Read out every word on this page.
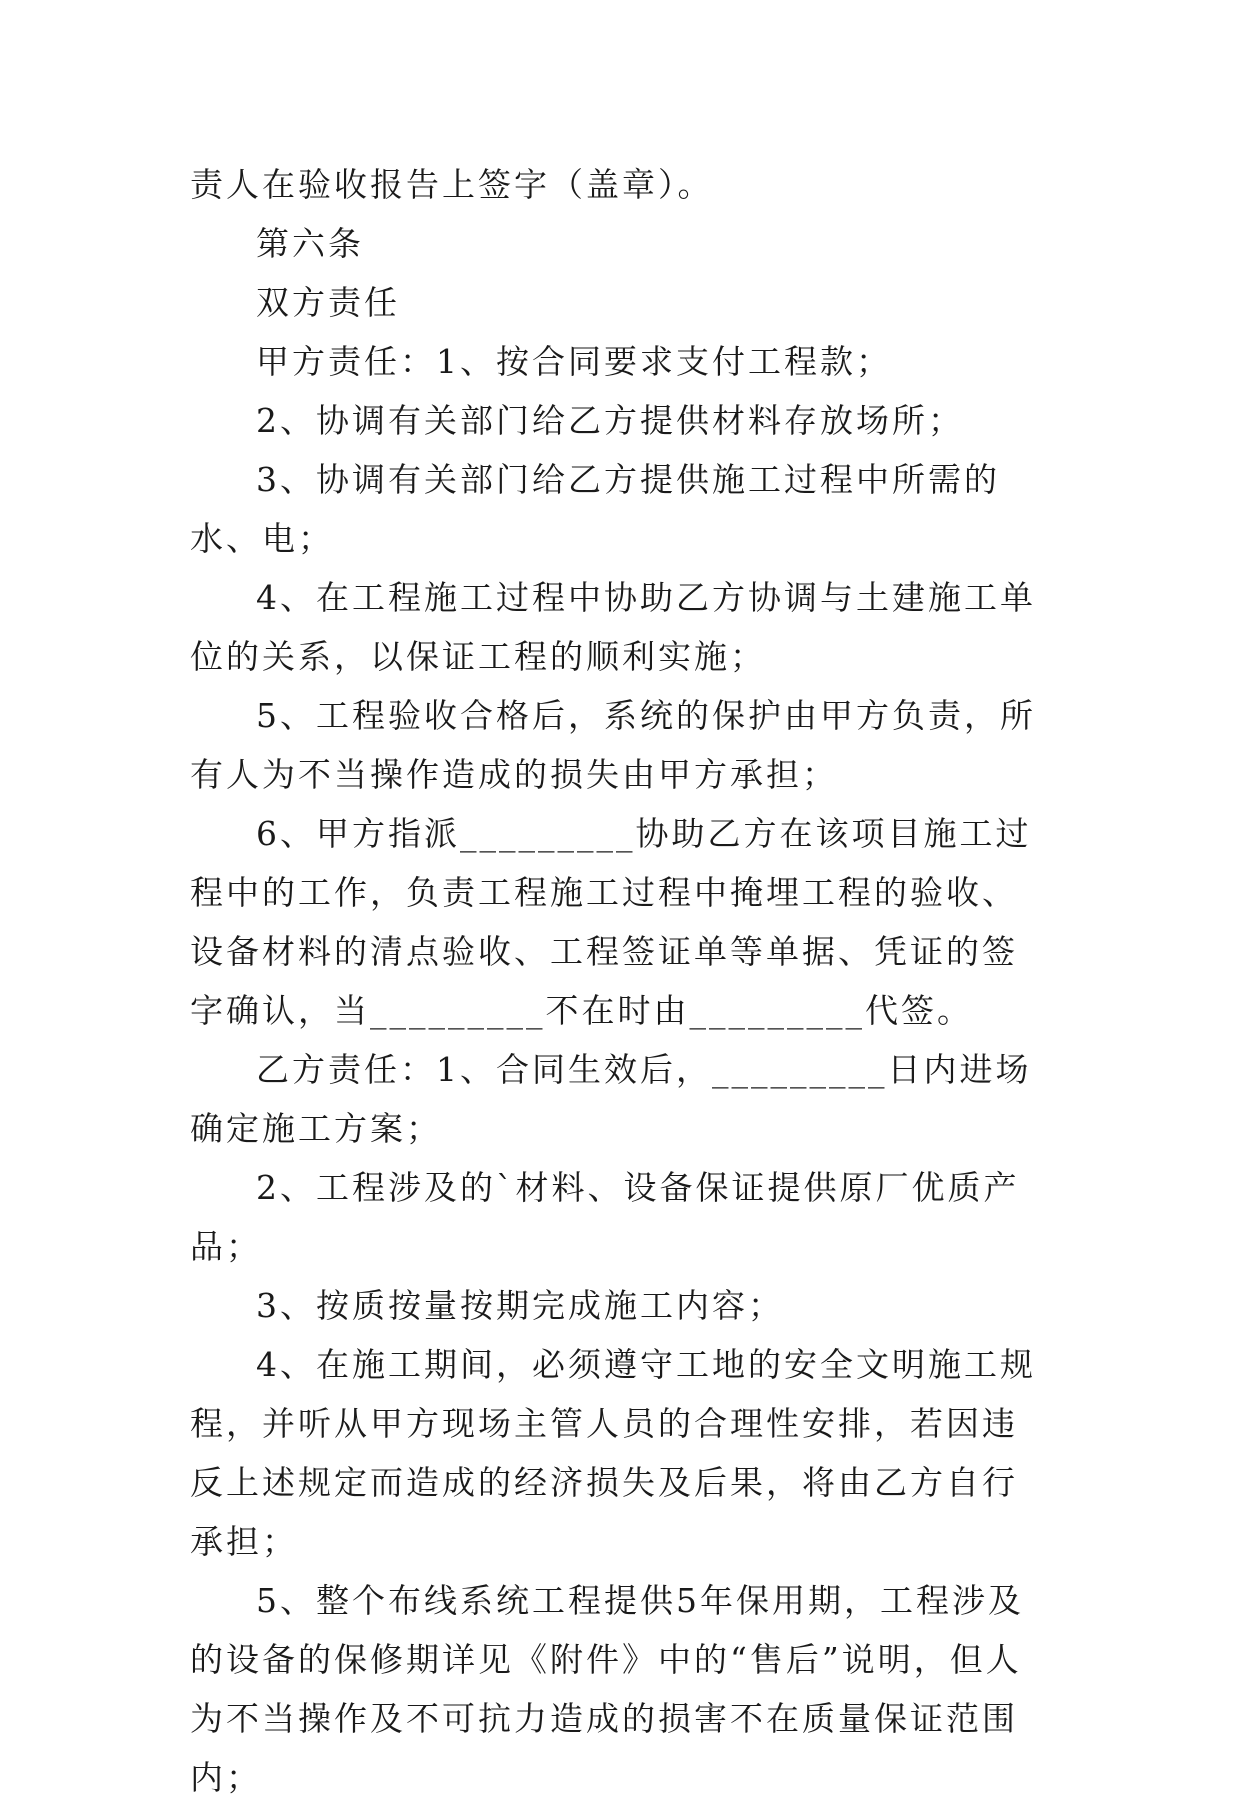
责人在验收报告上签字（盖章）。

第六条

双方责任

甲方责任：1、按合同要求支付工程款；

2、协调有关部门给乙方提供材料存放场所；

3、协调有关部门给乙方提供施工过程中所需的水、电；

4、在工程施工过程中协助乙方协调与土建施工单位的关系，以保证工程的顺利实施；

5、工程验收合格后，系统的保护由甲方负责，所有人为不当操作造成的损失由甲方承担；

6、甲方指派_________协助乙方在该项目施工过程中的工作，负责工程施工过程中掩埋工程的验收、设备材料的清点验收、工程签证单等单据、凭证的签字确认，当_________不在时由_________代签。

乙方责任：1、合同生效后，_________日内进场确定施工方案；

2、工程涉及的`材料、设备保证提供原厂优质产品；

3、按质按量按期完成施工内容；

4、在施工期间，必须遵守工地的安全文明施工规程，并听从甲方现场主管人员的合理性安排，若因违反上述规定而造成的经济损失及后果，将由乙方自行承担；

5、整个布线系统工程提供5年保用期，工程涉及的设备的保修期详见《附件》中的“售后”说明，但人为不当操作及不可抗力造成的损害不在质量保证范围内；
